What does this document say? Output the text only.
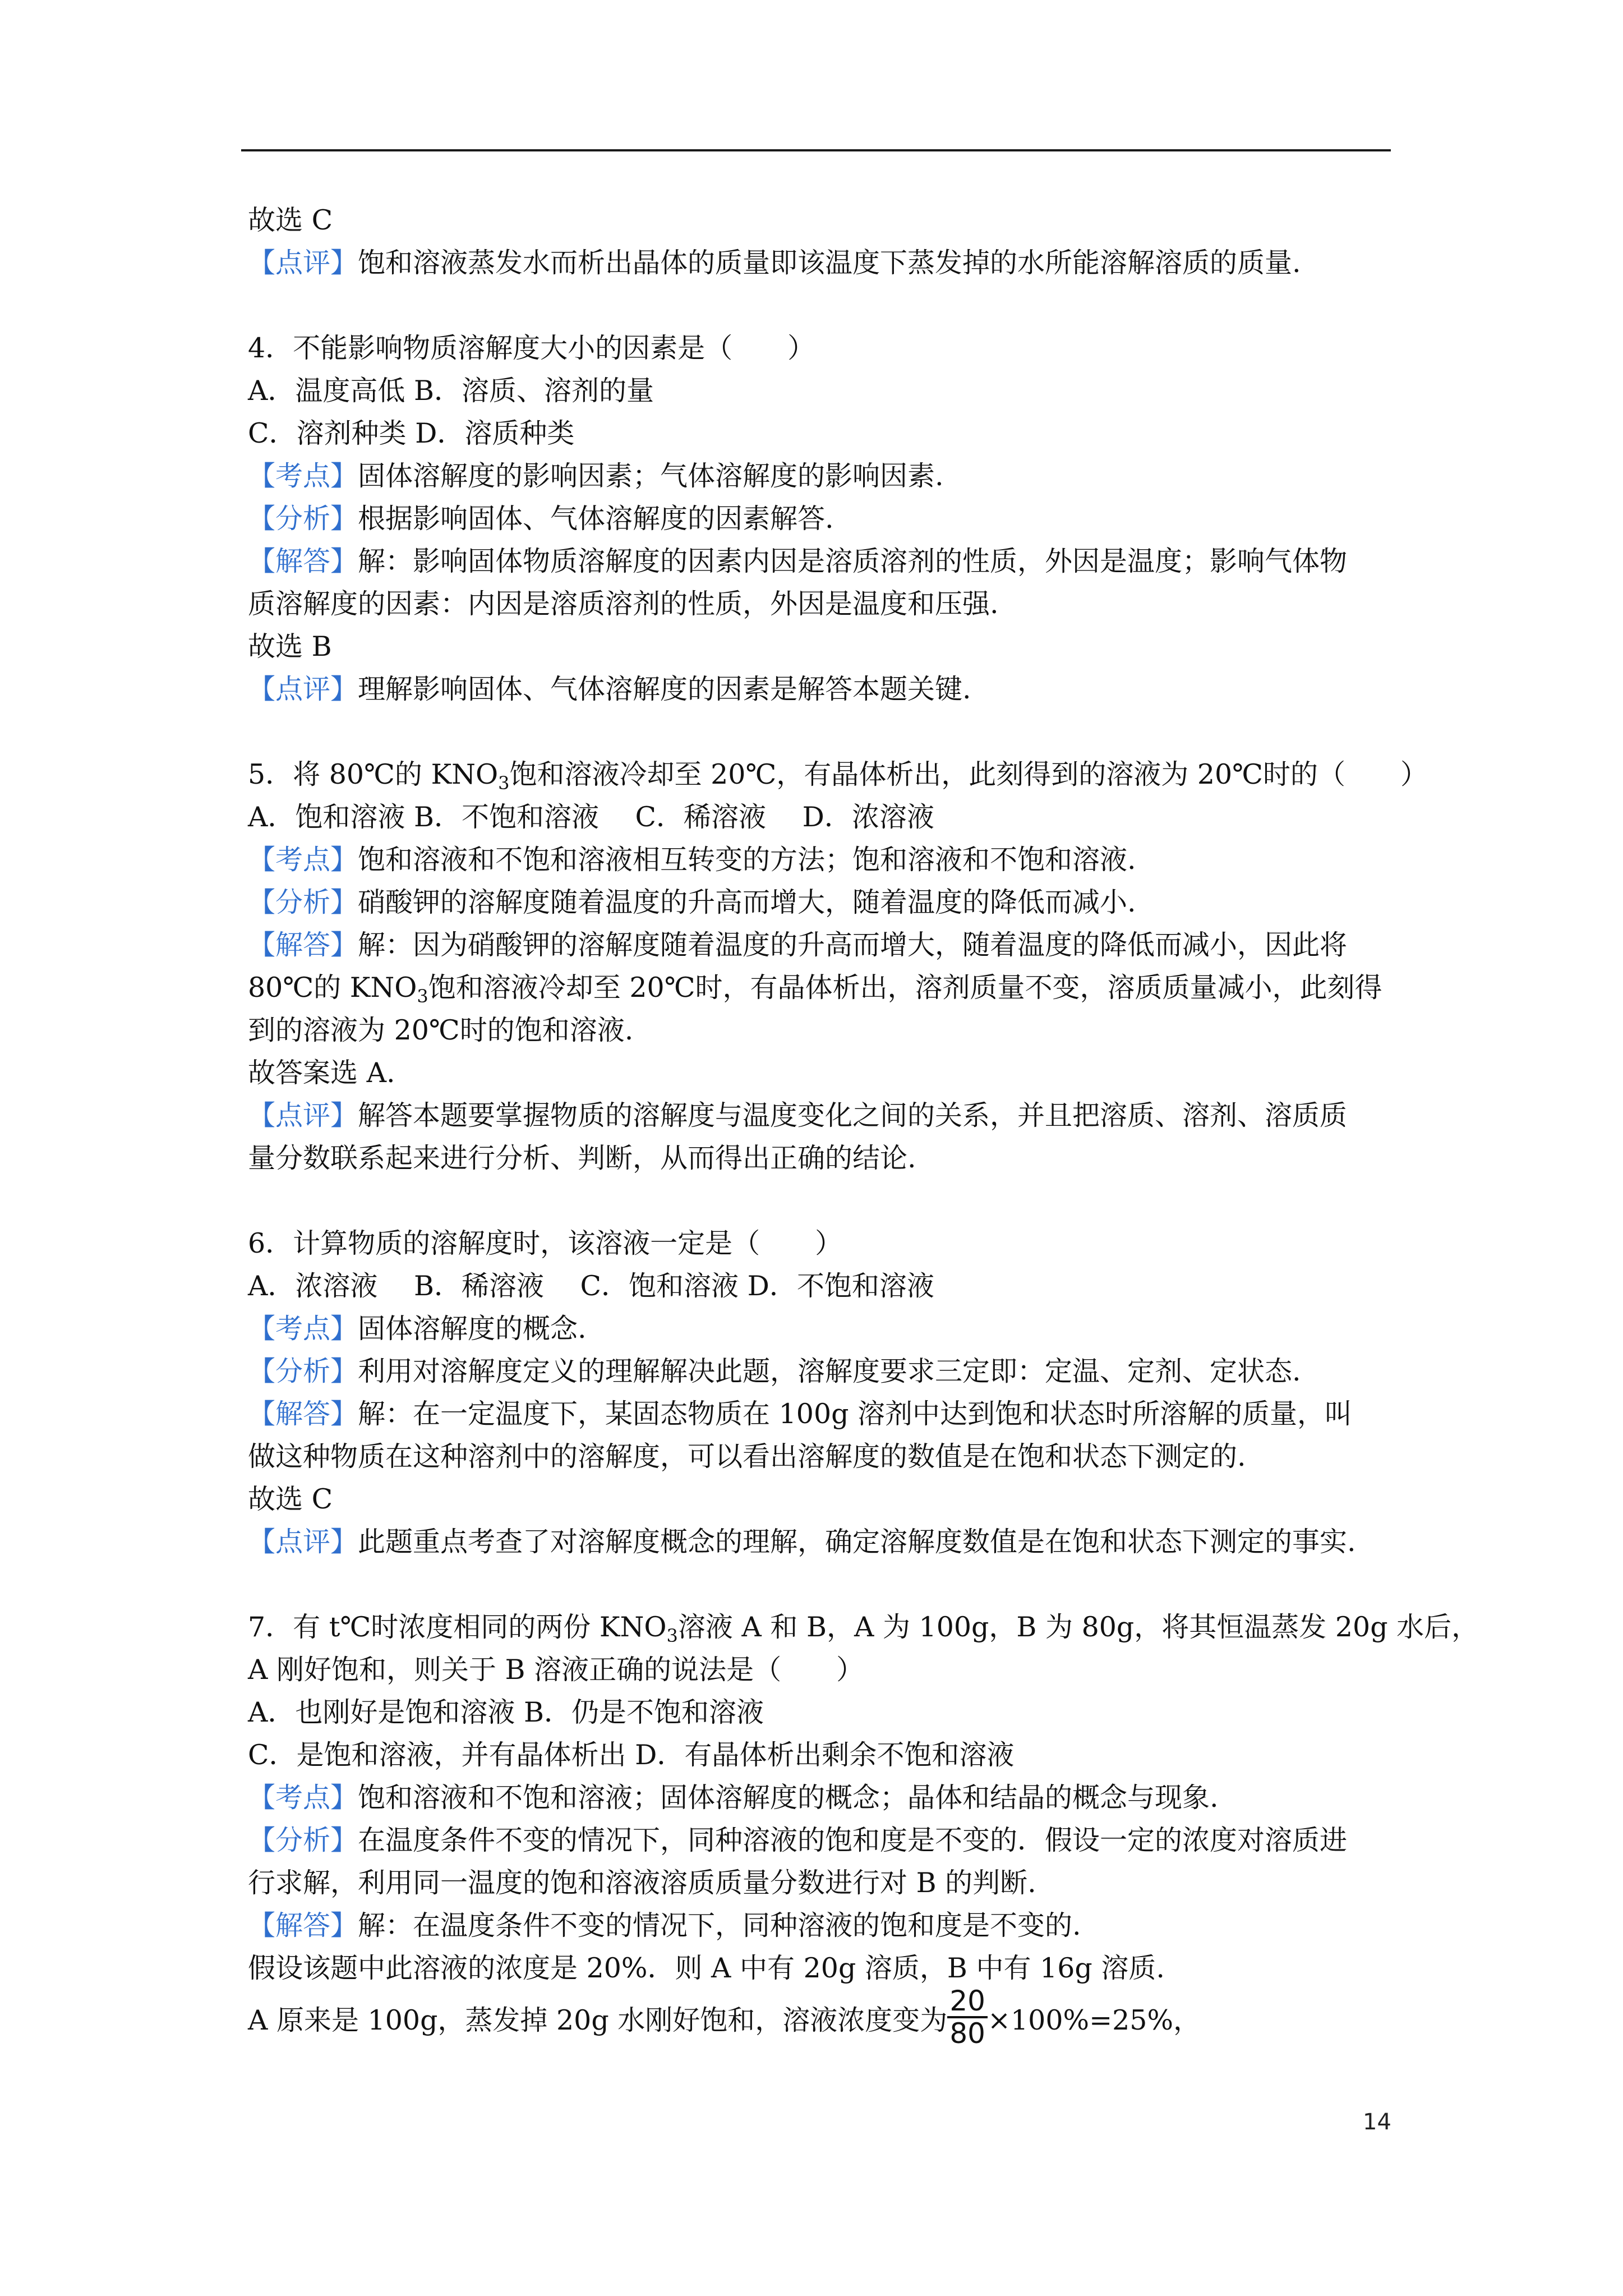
故选 C
【点评】饱和溶液蒸发水而析出晶体的质量即该温度下蒸发掉的水所能溶解溶质的质量.
4．不能影响物质溶解度大小的因素是（　　）
A．温度高低 B．溶质、溶剂的量
C．溶剂种类 D．溶质种类
【考点】固体溶解度的影响因素；气体溶解度的影响因素.
【分析】根据影响固体、气体溶解度的因素解答.
【解答】解：影响固体物质溶解度的因素内因是溶质溶剂的性质，外因是温度；影响气体物
质溶解度的因素：内因是溶质溶剂的性质，外因是温度和压强.
故选 B
【点评】理解影响固体、气体溶解度的因素是解答本题关键.
5．将 80℃的 $KNO_3$饱和溶液冷却至 20℃，有晶体析出，此刻得到的溶液为 20℃时的（　　）
A．饱和溶液 B．不饱和溶液　 C．稀溶液　 D．浓溶液
【考点】饱和溶液和不饱和溶液相互转变的方法；饱和溶液和不饱和溶液.
【分析】硝酸钾的溶解度随着温度的升高而增大，随着温度的降低而减小.
【解答】解：因为硝酸钾的溶解度随着温度的升高而增大，随着温度的降低而减小，因此将
80℃的 $KNO_3$饱和溶液冷却至 20℃时，有晶体析出，溶剂质量不变，溶质质量减小，此刻得
到的溶液为 20℃时的饱和溶液.
故答案选 A.
【点评】解答本题要掌握物质的溶解度与温度变化之间的关系，并且把溶质、溶剂、溶质质
量分数联系起来进行分析、判断，从而得出正确的结论.
6．计算物质的溶解度时，该溶液一定是（　　）
A．浓溶液　 B．稀溶液　 C．饱和溶液 D．不饱和溶液
【考点】固体溶解度的概念.
【分析】利用对溶解度定义的理解解决此题，溶解度要求三定即：定温、定剂、定状态.
【解答】解：在一定温度下，某固态物质在 100g 溶剂中达到饱和状态时所溶解的质量，叫
做这种物质在这种溶剂中的溶解度，可以看出溶解度的数值是在饱和状态下测定的.
故选 C
【点评】此题重点考查了对溶解度概念的理解，确定溶解度数值是在饱和状态下测定的事实.
7．有 t℃时浓度相同的两份 $KNO_3$溶液 A 和 B，A 为 100g，B 为 80g，将其恒温蒸发 20g 水后，
A 刚好饱和，则关于 B 溶液正确的说法是（　　）
A．也刚好是饱和溶液 B．仍是不饱和溶液
C．是饱和溶液，并有晶体析出 D．有晶体析出剩余不饱和溶液
【考点】饱和溶液和不饱和溶液；固体溶解度的概念；晶体和结晶的概念与现象.
【分析】在温度条件不变的情况下，同种溶液的饱和度是不变的．假设一定的浓度对溶质进
行求解，利用同一温度的饱和溶液溶质质量分数进行对 B 的判断.
【解答】解：在温度条件不变的情况下，同种溶液的饱和度是不变的.
假设该题中此溶液的浓度是 20%．则 A 中有 20g 溶质，B 中有 16g 溶质.
A 原来是 100g，蒸发掉 20g 水刚好饱和，溶液浓度变为 $\frac{20}{80} \times 100\%=25\%$，
14
